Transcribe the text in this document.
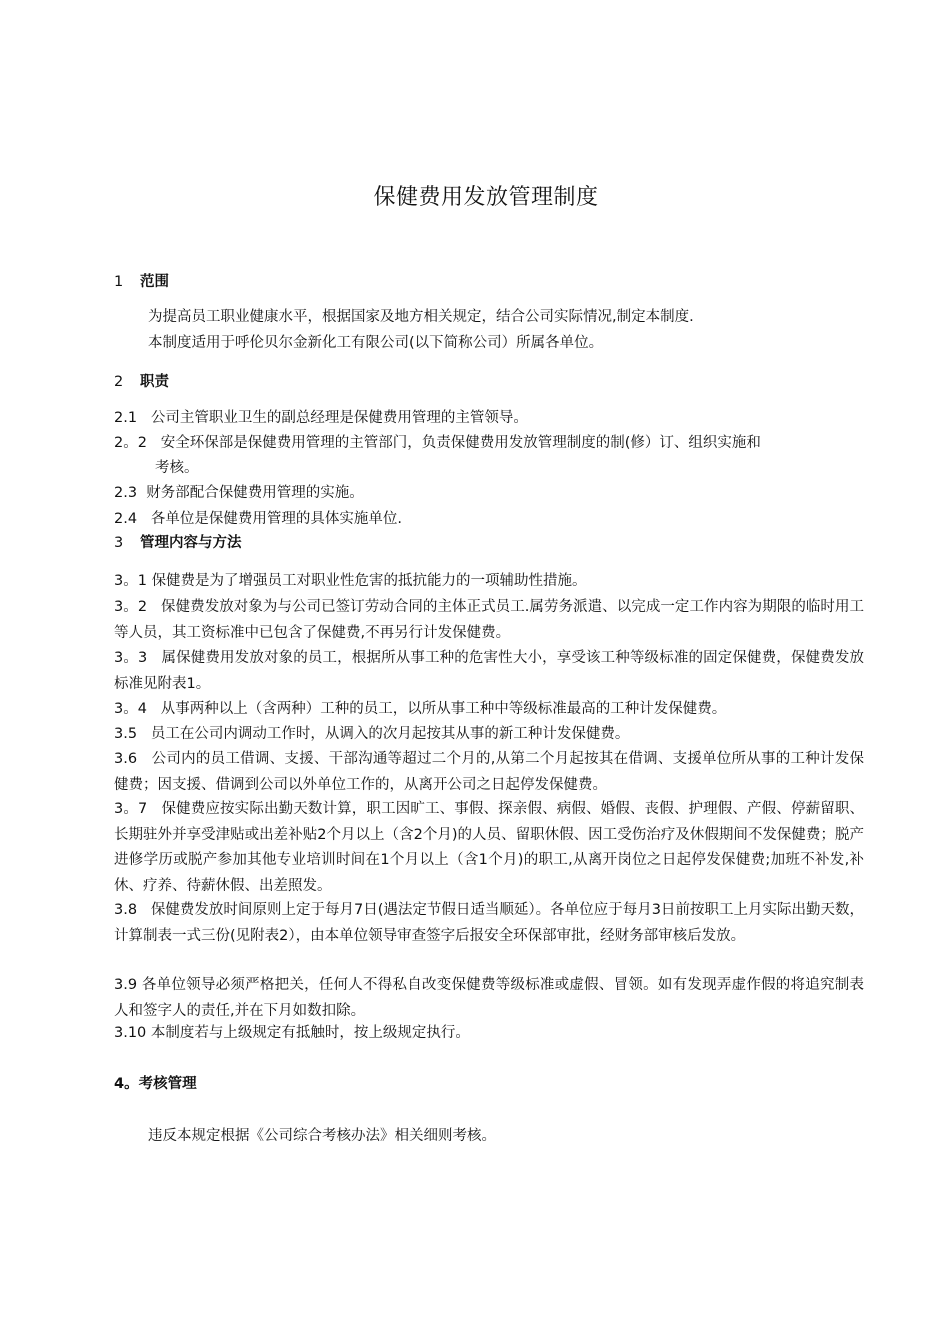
保健费用发放管理制度
1 范围
为提高员工职业健康水平，根据国家及地方相关规定，结合公司实际情况,制定本制度.
本制度适用于呼伦贝尔金新化工有限公司(以下简称公司）所属各单位。
2 职责
2.1 公司主管职业卫生的副总经理是保健费用管理的主管领导。
2。2 安全环保部是保健费用管理的主管部门，负责保健费用发放管理制度的制(修）订、组织实施和
考核。
2.3 财务部配合保健费用管理的实施。
2.4 各单位是保健费用管理的具体实施单位.
3 管理内容与方法
3。1 保健费是为了增强员工对职业性危害的抵抗能力的一项辅助性措施。
3。2 保健费发放对象为与公司已签订劳动合同的主体正式员工.属劳务派遣、以完成一定工作内容为期限的临时用工等人员，其工资标准中已包含了保健费,不再另行计发保健费。
3。3 属保健费用发放对象的员工，根据所从事工种的危害性大小，享受该工种等级标准的固定保健费，保健费发放标准见附表1。
3。4 从事两种以上（含两种）工种的员工，以所从事工种中等级标准最高的工种计发保健费。
3.5 员工在公司内调动工作时，从调入的次月起按其从事的新工种计发保健费。
3.6 公司内的员工借调、支援、干部沟通等超过二个月的,从第二个月起按其在借调、支援单位所从事的工种计发保健费；因支援、借调到公司以外单位工作的，从离开公司之日起停发保健费。
3。7 保健费应按实际出勤天数计算，职工因旷工、事假、探亲假、病假、婚假、丧假、护理假、产假、停薪留职、长期驻外并享受津贴或出差补贴2个月以上（含2个月)的人员、留职休假、因工受伤治疗及休假期间不发保健费；脱产进修学历或脱产参加其他专业培训时间在1个月以上（含1个月)的职工,从离开岗位之日起停发保健费;加班不补发,补休、疗养、待薪休假、出差照发。
3.8 保健费发放时间原则上定于每月7日(遇法定节假日适当顺延）。各单位应于每月3日前按职工上月实际出勤天数，计算制表一式三份(见附表2），由本单位领导审查签字后报安全环保部审批，经财务部审核后发放。
3.9 各单位领导必须严格把关，任何人不得私自改变保健费等级标准或虚假、冒领。如有发现弄虚作假的将追究制表人和签字人的责任,并在下月如数扣除。
3.10 本制度若与上级规定有抵触时，按上级规定执行。
4。考核管理
违反本规定根据《公司综合考核办法》相关细则考核。
